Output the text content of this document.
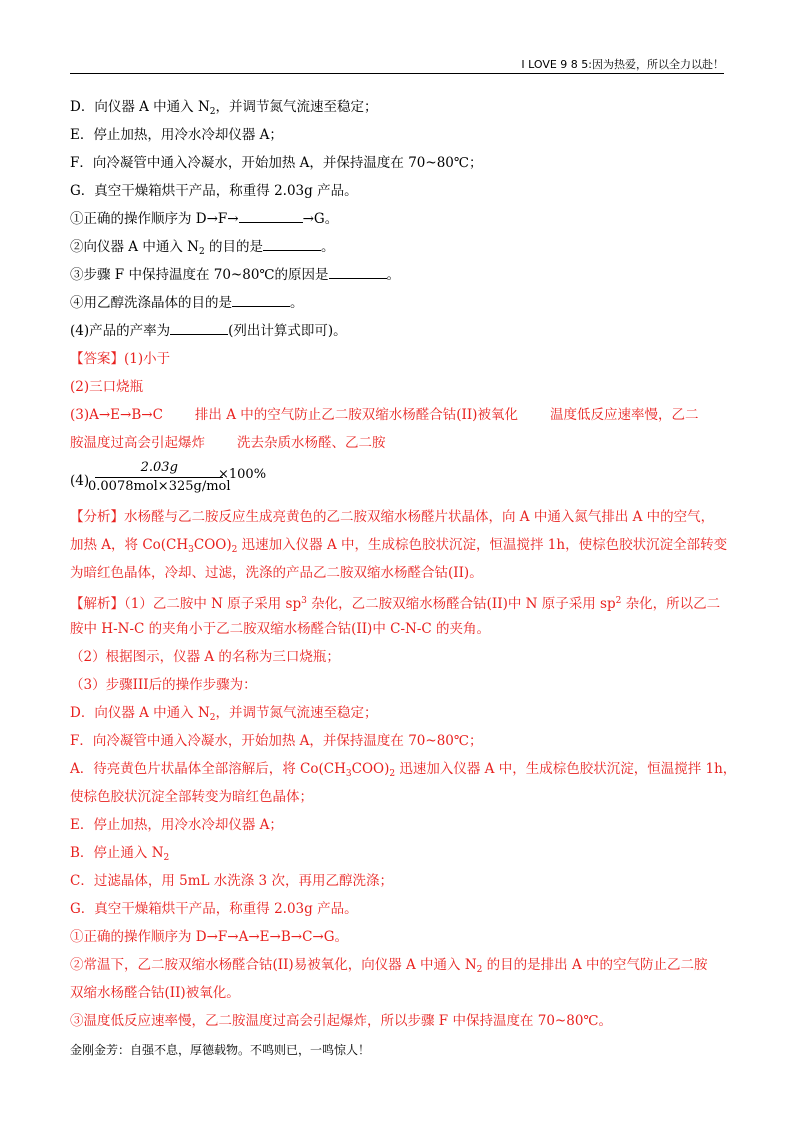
I LOVE 9 8 5:因为热爱，所以全力以赴！
D．向仪器 A 中通入 $N_2$，并调节氮气流速至稳定；
E．停止加热，用冷水冷却仪器 A；
F．向冷凝管中通入冷凝水，开始加热 A，并保持温度在 70~80℃；
G．真空干燥箱烘干产品，称重得 2.03g 产品。
①正确的操作顺序为 D→F→	→G。
②向仪器 A 中通入 $N_2$ 的目的是	。
③步骤 F 中保持温度在 70~80℃的原因是	。
④用乙醇洗涤晶体的目的是	。
(4)产品的产率为	(列出计算式即可)。
【答案】(1)小于
(2)三口烧瓶
(3)A→E→B→C 排出 A 中的空气防止乙二胺双缩水杨醛合钴(II)被氧化 温度低反应速率慢，乙二
胺温度过高会引起爆炸 洗去杂质水杨醛、乙二胺
(4)
2.03g
0.0078mol×325g/mol
×100%
【分析】水杨醛与乙二胺反应生成亮黄色的乙二胺双缩水杨醛片状晶体，向 A 中通入氮气排出 A 中的空气，
加热 A，将 $Co(CH_3COO)_2$ 迅速加入仪器 A 中，生成棕色胶状沉淀，恒温搅拌 1h，使棕色胶状沉淀全部转变
为暗红色晶体，冷却、过滤，洗涤的产品乙二胺双缩水杨醛合钴(II)。
【解析】（1）乙二胺中 N 原子采用 $sp^3$ 杂化，乙二胺双缩水杨醛合钴(II)中 N 原子采用 $sp^2$ 杂化，所以乙二
胺中 H-N-C 的夹角小于乙二胺双缩水杨醛合钴(II)中 C-N-C 的夹角。
（2）根据图示，仪器 A 的名称为三口烧瓶；
（3）步骤III后的操作步骤为：
D．向仪器 A 中通入 $N_2$，并调节氮气流速至稳定；
F．向冷凝管中通入冷凝水，开始加热 A，并保持温度在 70~80℃；
A．待亮黄色片状晶体全部溶解后，将 $Co(CH_3COO)_2$ 迅速加入仪器 A 中，生成棕色胶状沉淀，恒温搅拌 1h，
使棕色胶状沉淀全部转变为暗红色晶体；
E．停止加热，用冷水冷却仪器 A；
B．停止通入 $N_2$
C．过滤晶体，用 5mL 水洗涤 3 次，再用乙醇洗涤；
G．真空干燥箱烘干产品，称重得 2.03g 产品。
①正确的操作顺序为 D→F→A→E→B→C→G。
②常温下，乙二胺双缩水杨醛合钴(II)易被氧化，向仪器 A 中通入 $N_2$ 的目的是排出 A 中的空气防止乙二胺
双缩水杨醛合钴(II)被氧化。
③温度低反应速率慢，乙二胺温度过高会引起爆炸，所以步骤 F 中保持温度在 70~80℃。
金刚金芳：自强不息，厚德载物。不鸣则已，一鸣惊人！
